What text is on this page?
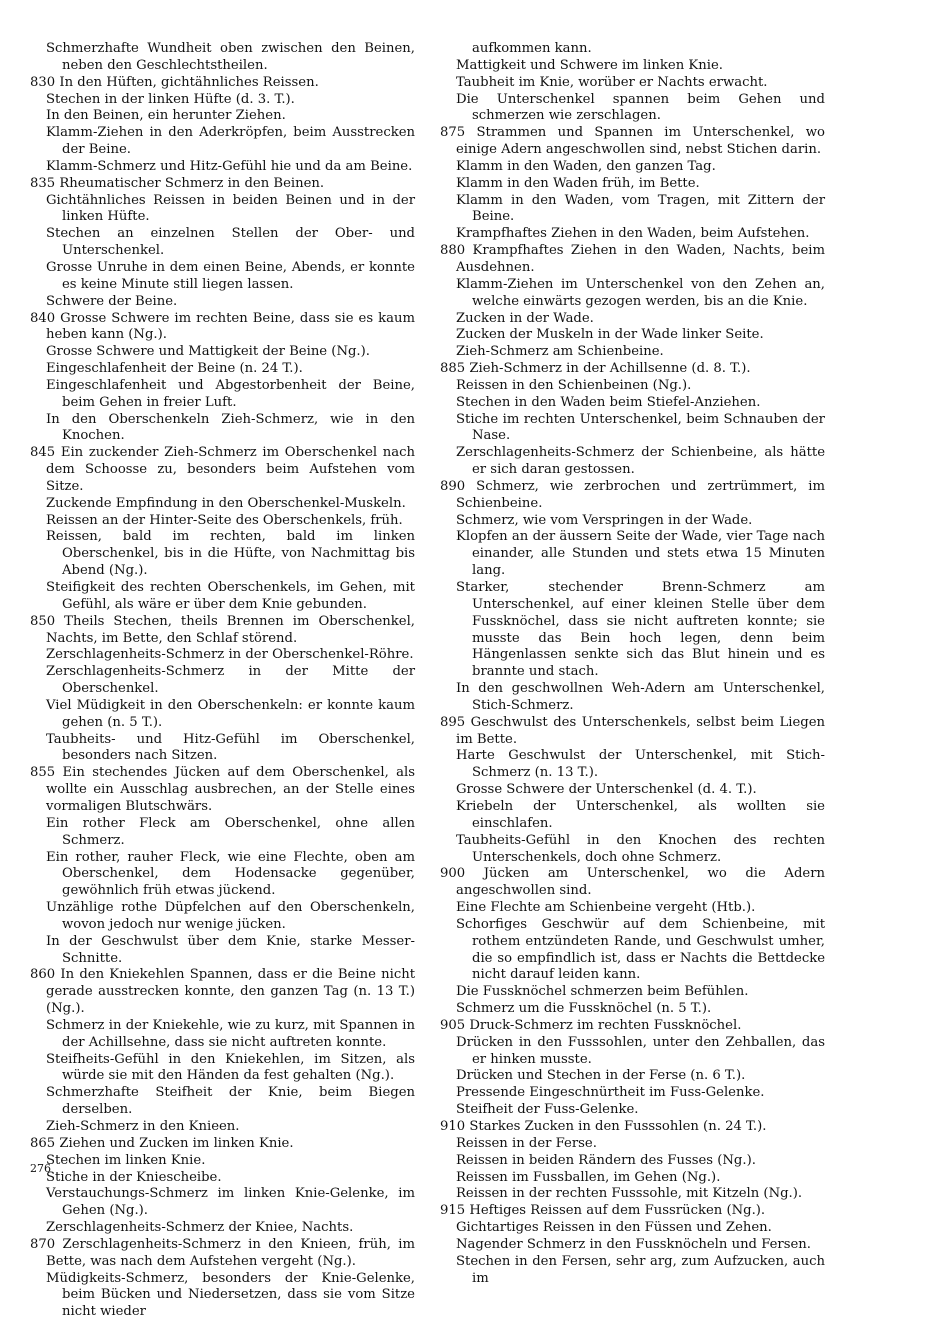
Schmerzhafte Wundheit oben zwischen den Beinen, neben den Geschlechtstheilen.
830 In den Hüften, gichtähnliches Reissen.
Stechen in der linken Hüfte (d. 3. T.).
In den Beinen, ein herunter Ziehen.
Klamm-Ziehen in den Aderkröpfen, beim Ausstrecken der Beine.
Klamm-Schmerz und Hitz-Gefühl hie und da am Beine.
835 Rheumatischer Schmerz in den Beinen.
Gichtähnliches Reissen in beiden Beinen und in der linken Hüfte.
Stechen an einzelnen Stellen der Ober- und Unterschenkel.
Grosse Unruhe in dem einen Beine, Abends, er konnte es keine Minute still liegen lassen.
Schwere der Beine.
840 Grosse Schwere im rechten Beine, dass sie es kaum heben kann (Ng.).
Grosse Schwere und Mattigkeit der Beine (Ng.).
Eingeschlafenheit der Beine (n. 24 T.).
Eingeschlafenheit und Abgestorbenheit der Beine, beim Gehen in freier Luft.
In den Oberschenkeln Zieh-Schmerz, wie in den Knochen.
845 Ein zuckender Zieh-Schmerz im Oberschenkel nach dem Schoosse zu, besonders beim Aufstehen vom Sitze.
Zuckende Empfindung in den Oberschenkel-Muskeln.
Reissen an der Hinter-Seite des Oberschenkels, früh.
Reissen, bald im rechten, bald im linken Oberschenkel, bis in die Hüfte, von Nachmittag bis Abend (Ng.).
Steifigkeit des rechten Oberschenkels, im Gehen, mit Gefühl, als wäre er über dem Knie gebunden.
850 Theils Stechen, theils Brennen im Oberschenkel, Nachts, im Bette, den Schlaf störend.
Zerschlagenheits-Schmerz in der Oberschenkel-Röhre.
Zerschlagenheits-Schmerz in der Mitte der Oberschenkel.
Viel Müdigkeit in den Oberschenkeln: er konnte kaum gehen (n. 5 T.).
Taubheits- und Hitz-Gefühl im Oberschenkel, besonders nach Sitzen.
855 Ein stechendes Jücken auf dem Oberschenkel, als wollte ein Ausschlag ausbrechen, an der Stelle eines vormaligen Blutschwärs.
Ein rother Fleck am Oberschenkel, ohne allen Schmerz.
Ein rother, rauher Fleck, wie eine Flechte, oben am Oberschenkel, dem Hodensacke gegenüber, gewöhnlich früh etwas jückend.
Unzählige rothe Düpfelchen auf den Oberschenkeln, wovon jedoch nur wenige jücken.
In der Geschwulst über dem Knie, starke Messer-Schnitte.
860 In den Kniekehlen Spannen, dass er die Beine nicht gerade ausstrecken konnte, den ganzen Tag (n. 13 T.) (Ng.).
Schmerz in der Kniekehle, wie zu kurz, mit Spannen in der Achillsehne, dass sie nicht auftreten konnte.
Steifheits-Gefühl in den Kniekehlen, im Sitzen, als würde sie mit den Händen da fest gehalten (Ng.).
Schmerzhafte Steifheit der Knie, beim Biegen derselben.
Zieh-Schmerz in den Knieen.
865 Ziehen und Zucken im linken Knie.
Stechen im linken Knie.
Stiche in der Kniescheibe.
Verstauchungs-Schmerz im linken Knie-Gelenke, im Gehen (Ng.).
Zerschlagenheits-Schmerz der Kniee, Nachts.
870 Zerschlagenheits-Schmerz in den Knieen, früh, im Bette, was nach dem Aufstehen vergeht (Ng.).
Müdigkeits-Schmerz, besonders der Knie-Gelenke, beim Bücken und Niedersetzen, dass sie vom Sitze nicht wieder
aufkommen kann.
Mattigkeit und Schwere im linken Knie.
Taubheit im Knie, worüber er Nachts erwacht.
Die Unterschenkel spannen beim Gehen und schmerzen wie zerschlagen.
875 Strammen und Spannen im Unterschenkel, wo einige Adern angeschwollen sind, nebst Stichen darin.
Klamm in den Waden, den ganzen Tag.
Klamm in den Waden früh, im Bette.
Klamm in den Waden, vom Tragen, mit Zittern der Beine.
Krampfhaftes Ziehen in den Waden, beim Aufstehen.
880 Krampfhaftes Ziehen in den Waden, Nachts, beim Ausdehnen.
Klamm-Ziehen im Unterschenkel von den Zehen an, welche einwärts gezogen werden, bis an die Knie.
Zucken in der Wade.
Zucken der Muskeln in der Wade linker Seite.
Zieh-Schmerz am Schienbeine.
885 Zieh-Schmerz in der Achillsenne (d. 8. T.).
Reissen in den Schienbeinen (Ng.).
Stechen in den Waden beim Stiefel-Anziehen.
Stiche im rechten Unterschenkel, beim Schnauben der Nase.
Zerschlagenheits-Schmerz der Schienbeine, als hätte er sich daran gestossen.
890 Schmerz, wie zerbrochen und zertrümmert, im Schienbeine.
Schmerz, wie vom Verspringen in der Wade.
Klopfen an der äussern Seite der Wade, vier Tage nach einander, alle Stunden und stets etwa 15 Minuten lang.
Starker, stechender Brenn-Schmerz am Unterschenkel, auf einer kleinen Stelle über dem Fussknöchel, dass sie nicht auftreten konnte; sie musste das Bein hoch legen, denn beim Hängenlassen senkte sich das Blut hinein und es brannte und stach.
In den geschwollnen Weh-Adern am Unterschenkel, Stich-Schmerz.
895 Geschwulst des Unterschenkels, selbst beim Liegen im Bette.
Harte Geschwulst der Unterschenkel, mit Stich-Schmerz (n. 13 T.).
Grosse Schwere der Unterschenkel (d. 4. T.).
Kriebeln der Unterschenkel, als wollten sie einschlafen.
Taubheits-Gefühl in den Knochen des rechten Unterschenkels, doch ohne Schmerz.
900 Jücken am Unterschenkel, wo die Adern angeschwollen sind.
Eine Flechte am Schienbeine vergeht (Htb.).
Schorfiges Geschwür auf dem Schienbeine, mit rothem entzündeten Rande, und Geschwulst umher, die so empfindlich ist, dass er Nachts die Bettdecke nicht darauf leiden kann.
Die Fussknöchel schmerzen beim Befühlen.
Schmerz um die Fussknöchel (n. 5 T.).
905 Druck-Schmerz im rechten Fussknöchel.
Drücken in den Fusssohlen, unter den Zehballen, das er hinken musste.
Drücken und Stechen in der Ferse (n. 6 T.).
Pressende Eingeschnürtheit im Fuss-Gelenke.
Steifheit der Fuss-Gelenke.
910 Starkes Zucken in den Fusssohlen (n. 24 T.).
Reissen in der Ferse.
Reissen in beiden Rändern des Fusses (Ng.).
Reissen im Fussballen, im Gehen (Ng.).
Reissen in der rechten Fusssohle, mit Kitzeln (Ng.).
915 Heftiges Reissen auf dem Fussrücken (Ng.).
Gichtartiges Reissen in den Füssen und Zehen.
Nagender Schmerz in den Fussknöcheln und Fersen.
Stechen in den Fersen, sehr arg, zum Aufzucken, auch im
276
